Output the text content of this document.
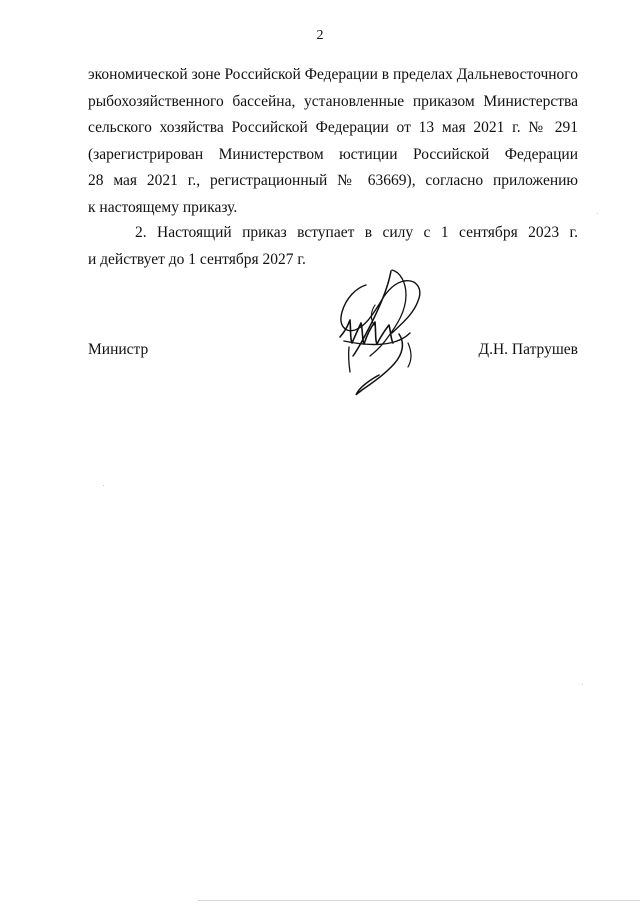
2
экономической зоне Российской Федерации в пределах Дальневосточного
рыбохозяйственного бассейна, установленные приказом Министерства
сельского хозяйства Российской Федерации от 13 мая 2021 г. № 291
(зарегистрирован Министерством юстиции Российской Федерации
28 мая 2021 г., регистрационный № 63669), согласно приложению
к настоящему приказу.
2. Настоящий приказ вступает в силу с 1 сентября 2023 г.
и действует до 1 сентября 2027 г.
Министр	Д.Н. Патрушев
